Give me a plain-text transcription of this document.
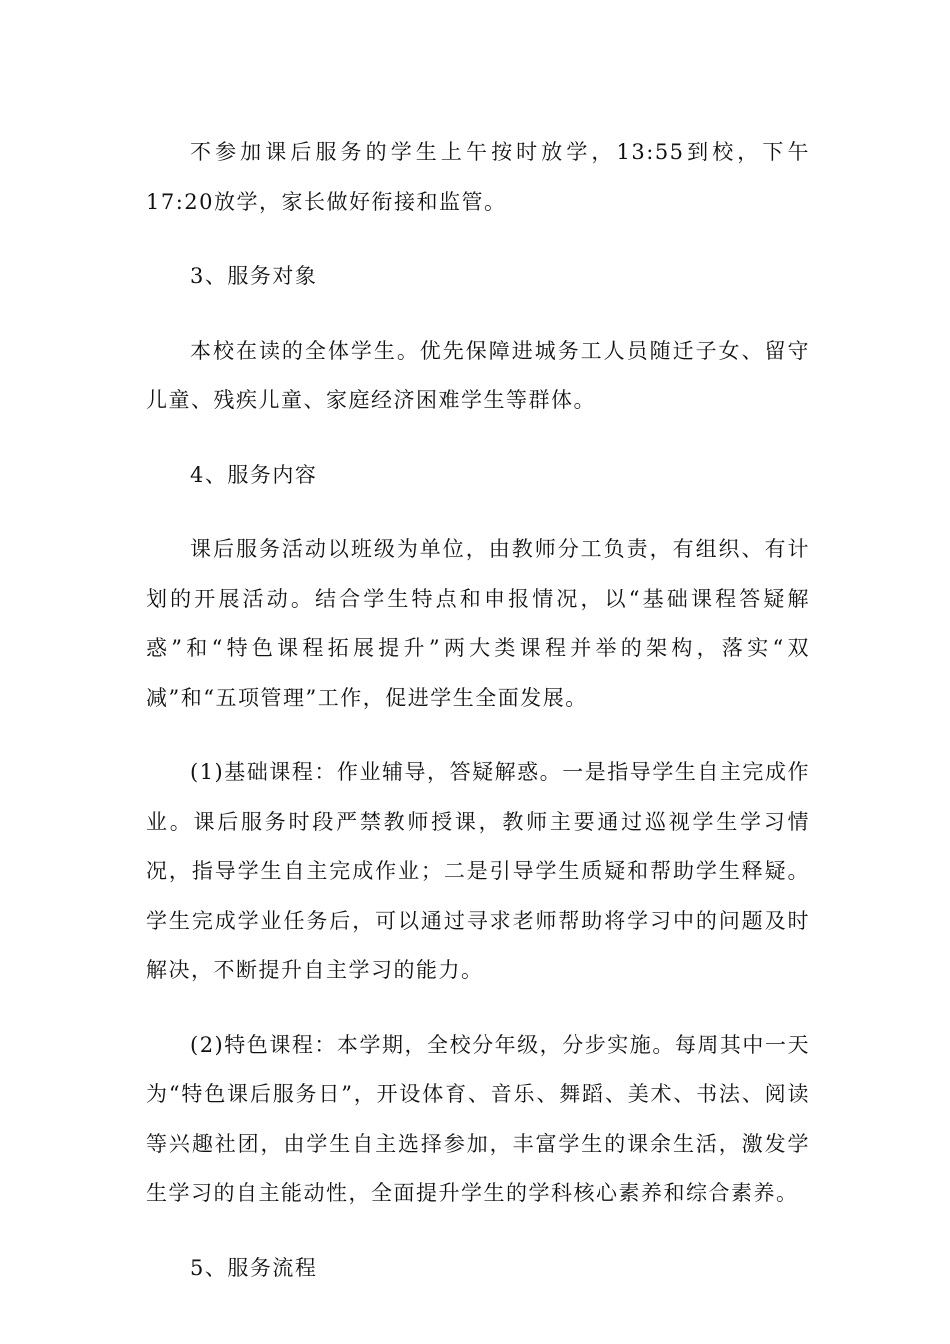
不参加课后服务的学生上午按时放学，13:55到校，下午17:20放学，家长做好衔接和监管。

3、服务对象

本校在读的全体学生。优先保障进城务工人员随迁子女、留守儿童、残疾儿童、家庭经济困难学生等群体。

4、服务内容

课后服务活动以班级为单位，由教师分工负责，有组织、有计划的开展活动。结合学生特点和申报情况，以“基础课程答疑解惑”和“特色课程拓展提升”两大类课程并举的架构，落实“双减”和“五项管理”工作，促进学生全面发展。

(1)基础课程：作业辅导，答疑解惑。一是指导学生自主完成作业。课后服务时段严禁教师授课，教师主要通过巡视学生学习情况，指导学生自主完成作业；二是引导学生质疑和帮助学生释疑。学生完成学业任务后，可以通过寻求老师帮助将学习中的问题及时解决，不断提升自主学习的能力。

(2)特色课程：本学期，全校分年级，分步实施。每周其中一天为“特色课后服务日”，开设体育、音乐、舞蹈、美术、书法、阅读等兴趣社团，由学生自主选择参加，丰富学生的课余生活，激发学生学习的自主能动性，全面提升学生的学科核心素养和综合素养。

5、服务流程
